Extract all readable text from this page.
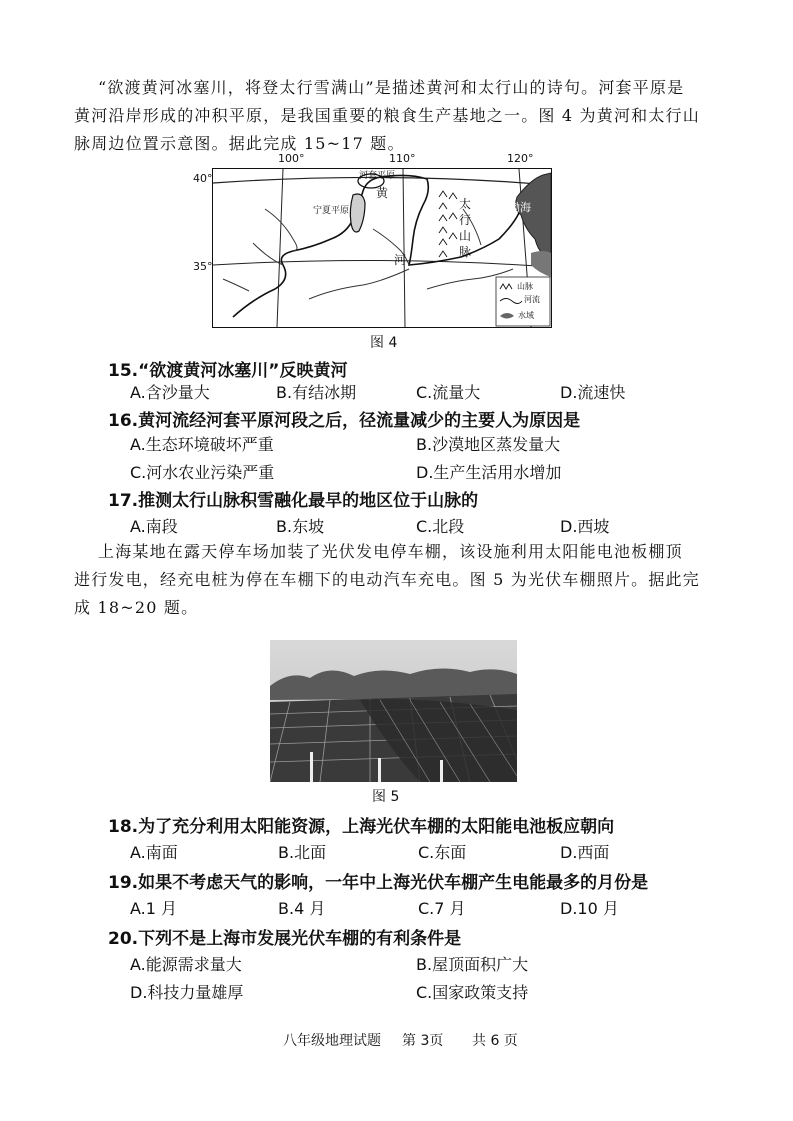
“欲渡黄河冰塞川，将登太行雪满山”是描述黄河和太行山的诗句。河套平原是
黄河沿岸形成的冲积平原，是我国重要的粮食生产基地之一。图 4 为黄河和太行山
脉周边位置示意图。据此完成 15~17 题。
100°	110°	120°
40°
35°
河套平原
宁夏平原
黄
河
渤海
太
行
山
脉
山脉
河流
水域
图 4
15.“欲渡黄河冰塞川”反映黄河
A.含沙量大	B.有结冰期	C.流量大	D.流速快
16.黄河流经河套平原河段之后，径流量减少的主要人为原因是
A.生态环境破坏严重	B.沙漠地区蒸发量大
C.河水农业污染严重	D.生产生活用水增加
17.推测太行山脉积雪融化最早的地区位于山脉的
A.南段	B.东坡	C.北段	D.西坡
上海某地在露天停车场加装了光伏发电停车棚，该设施利用太阳能电池板棚顶
进行发电，经充电桩为停在车棚下的电动汽车充电。图 5 为光伏车棚照片。据此完
成 18~20 题。
图 5
18.为了充分利用太阳能资源，上海光伏车棚的太阳能电池板应朝向
A.南面	B.北面	C.东面	D.西面
19.如果不考虑天气的影响，一年中上海光伏车棚产生电能最多的月份是
A.1 月	B.4 月	C.7 月	D.10 月
20.下列不是上海市发展光伏车棚的有利条件是
A.能源需求量大	B.屋顶面积广大
D.科技力量雄厚	C.国家政策支持
八年级地理试题 第 3页 共 6 页
